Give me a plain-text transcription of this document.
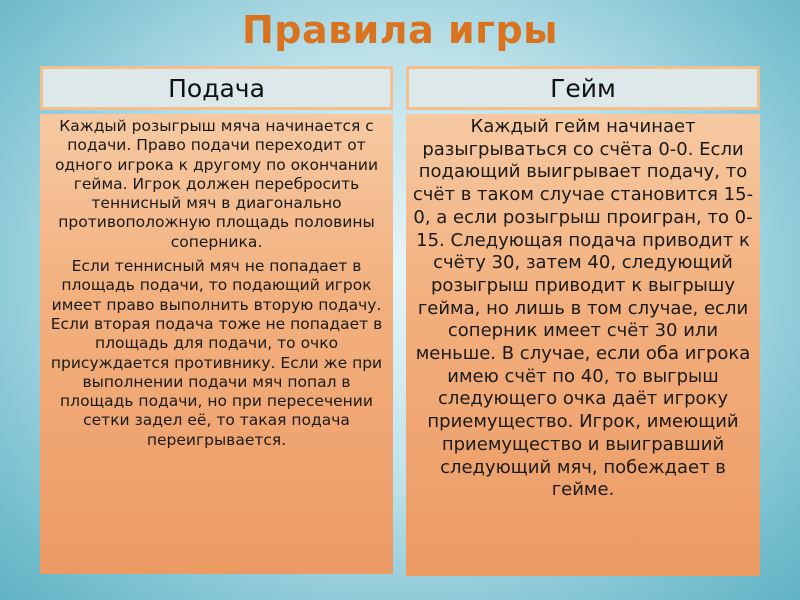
Правила игры
Подача

Каждый розыгрыш мяча начинается с подачи. Право подачи переходит от одного игрока к другому по окончании гейма. Игрок должен перебросить теннисный мяч в диагонально противоположную площадь половины соперника.

Если теннисный мяч не попадает в площадь подачи, то подающий игрок имеет право выполнить вторую подачу. Если вторая подача тоже не попадает в площадь для подачи, то очко присуждается противнику. Если же при выполнении подачи мяч попал в площадь подачи, но при пересечении сетки задел её, то такая подача переигрывается.

Гейм

Каждый гейм начинает разыгрываться со счёта 0-0. Если подающий выигрывает подачу, то счёт в таком случае становится 15-0, а если розыгрыш проигран, то 0-15. Следующая подача приводит к счёту 30, затем 40, следующий розыгрыш приводит к выгрышу гейма, но лишь в том случае, если соперник имеет счёт 30 или меньше. В случае, если оба игрока имею счёт по 40, то выгрыш следующего очка даёт игроку приемущество. Игрок, имеющий приемущество и выигравший следующий мяч, побеждает в гейме.
